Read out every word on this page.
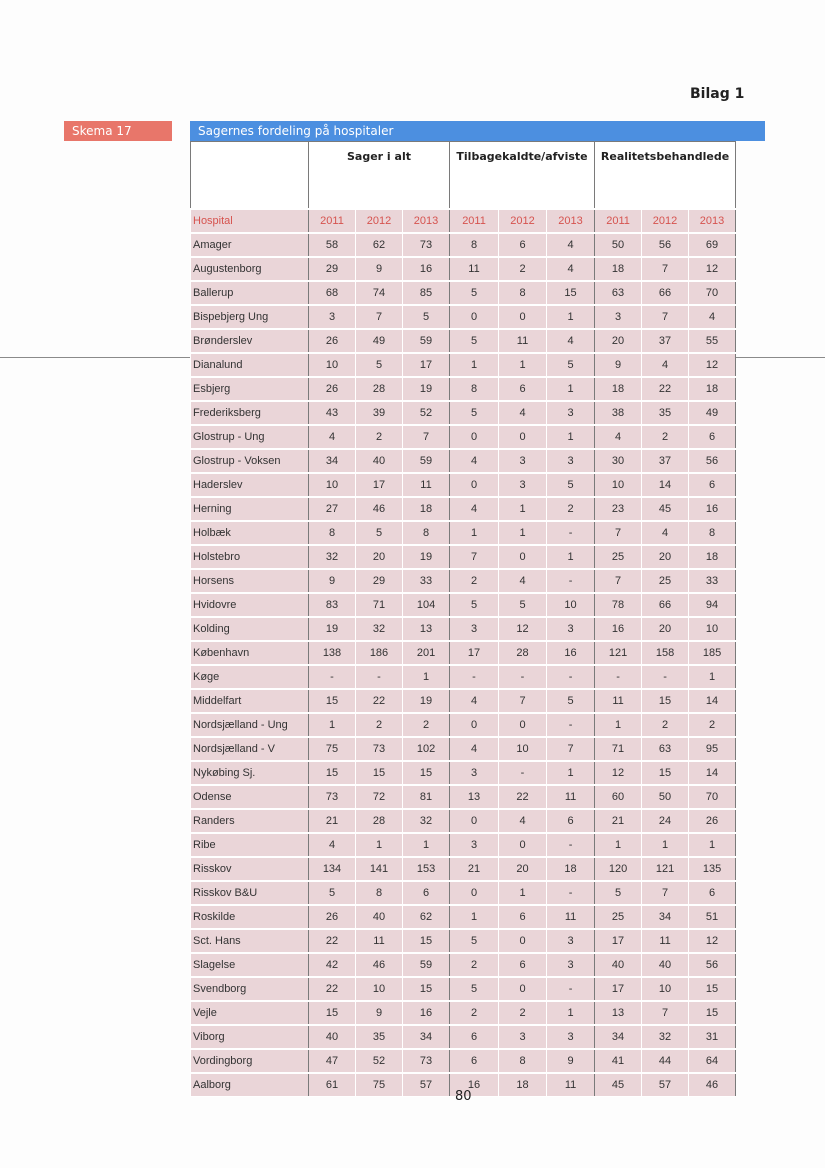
Bilag 1
Skema 17	Sagernes fordeling på hospitaler
	Sager i alt			Tilbagekaldte/afviste			Realitetsbehandlede		
Hospital	2011	2012	2013	2011	2012	2013	2011	2012	2013
Amager	58	62	73	8	6	4	50	56	69
Augustenborg	29	9	16	11	2	4	18	7	12
Ballerup	68	74	85	5	8	15	63	66	70
Bispebjerg Ung	3	7	5	0	0	1	3	7	4
Brønderslev	26	49	59	5	11	4	20	37	55
Dianalund	10	5	17	1	1	5	9	4	12
Esbjerg	26	28	19	8	6	1	18	22	18
Frederiksberg	43	39	52	5	4	3	38	35	49
Glostrup - Ung	4	2	7	0	0	1	4	2	6
Glostrup - Voksen	34	40	59	4	3	3	30	37	56
Haderslev	10	17	11	0	3	5	10	14	6
Herning	27	46	18	4	1	2	23	45	16
Holbæk	8	5	8	1	1	-	7	4	8
Holstebro	32	20	19	7	0	1	25	20	18
Horsens	9	29	33	2	4	-	7	25	33
Hvidovre	83	71	104	5	5	10	78	66	94
Kolding	19	32	13	3	12	3	16	20	10
København	138	186	201	17	28	16	121	158	185
Køge	-	-	1	-	-	-	-	-	1
Middelfart	15	22	19	4	7	5	11	15	14
Nordsjælland - Ung	1	2	2	0	0	-	1	2	2
Nordsjælland - V	75	73	102	4	10	7	71	63	95
Nykøbing Sj.	15	15	15	3	-	1	12	15	14
Odense	73	72	81	13	22	11	60	50	70
Randers	21	28	32	0	4	6	21	24	26
Ribe	4	1	1	3	0	-	1	1	1
Risskov	134	141	153	21	20	18	120	121	135
Risskov B&U	5	8	6	0	1	-	5	7	6
Roskilde	26	40	62	1	6	11	25	34	51
Sct. Hans	22	11	15	5	0	3	17	11	12
Slagelse	42	46	59	2	6	3	40	40	56
Svendborg	22	10	15	5	0	-	17	10	15
Vejle	15	9	16	2	2	1	13	7	15
Viborg	40	35	34	6	3	3	34	32	31
Vordingborg	47	52	73	6	8	9	41	44	64
Aalborg	61	75	57	16	18	11	45	57	46
80
